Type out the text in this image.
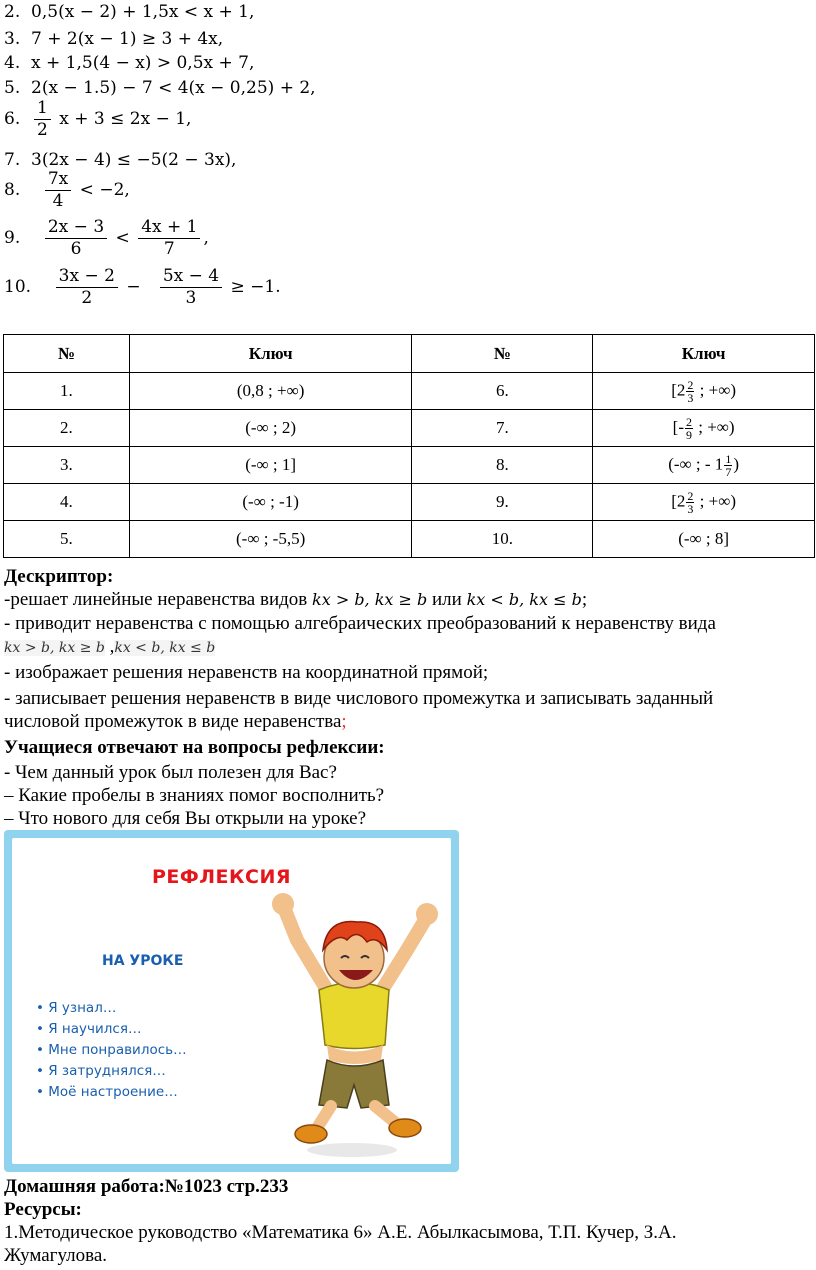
2. 0,5(x − 2) + 1,5x < x + 1,
3. 7 + 2(x − 1) ≥ 3 + 4x,
4. x + 1,5(4 − x) > 0,5x + 7,
5. 2(x − 1.5) − 7 < 4(x − 0,25) + 2,
6. $\frac{1}{2}$ x + 3 ≤ 2x − 1,
7. 3(2x − 4) ≤ −5(2 − 3x),
8. $\frac{7x}{4} < -2$,
9. $\frac{2x - 3}{6} < \frac{4x + 1}{7}$ ,
10. $\frac{3x - 2}{2} - \frac{5x - 4}{3} \ge -1$.
№	Ключ	№	Ключ
1.	(0,8 ; +∞)	6.	[$2 \frac{2}{3}$ ; +∞)
2.	(-∞ ; 2)	7.	[- $\frac{2}{9}$ ; +∞)
3.	(-∞ ; 1]	8.	(-∞ ; - $1 \frac{1}{7}$ )
4.	(-∞ ; -1)	9.	[$2 \frac{2}{3}$ ; +∞)
5.	(-∞ ; -5,5)	10.	(-∞ ; 8]
Дескриптор:
-решает линейные неравенства видов kx > b, kx ≥ b или kx < b, kx ≤ b;
- приводит неравенства с помощью алгебраических преобразований к неравенству вида
kx > b, kx ≥ b ,kx < b, kx ≤ b
- изображает решения неравенств на координатной прямой;
- записывает решения неравенств в виде числового промежутка и записывать заданный
числовой промежуток в виде неравенства;
Учащиеся отвечают на вопросы рефлексии:
- Чем данный урок был полезен для Вас?
– Какие пробелы в знаниях помог восполнить?
– Что нового для себя Вы открыли на уроке?
РЕФЛЕКСИЯ
НА УРОКЕ
• Я узнал…
• Я научился…
• Мне понравилось…
• Я затруднялся…
• Моё настроение…
Домашняя работа:№1023 стр.233
Ресурсы:
1.Методическое руководство «Математика 6» А.Е. Абылкасымова, Т.П. Кучер, З.А.
Жумагулова.
